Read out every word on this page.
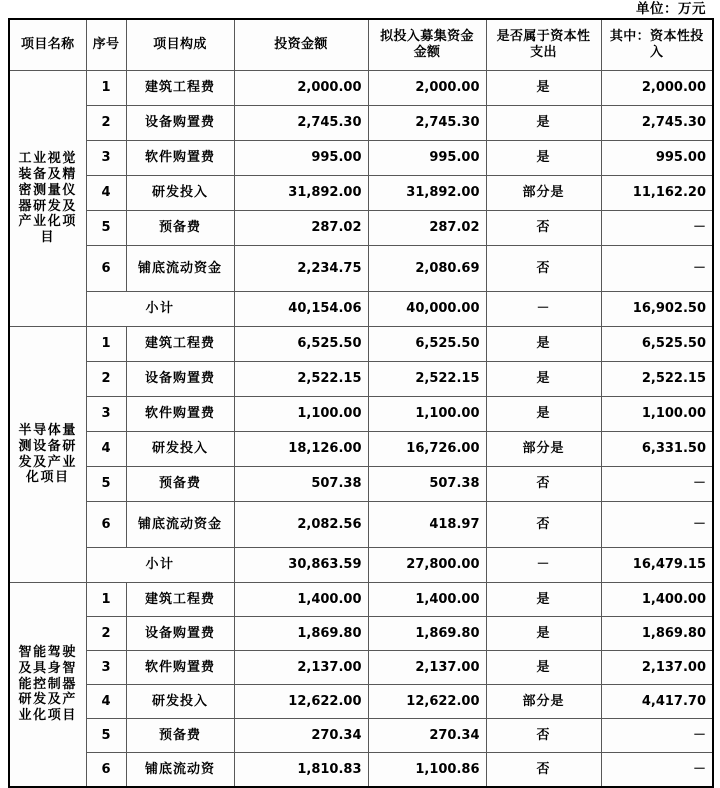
单位：万元
项目名称	序号	项目构成	投资金额	拟投入募集资金金额	是否属于资本性支出	其中：资本性投入
工业视觉装备及精密测量仪器研发及产业化项目	1	建筑工程费	2,000.00	2,000.00	是	2,000.00
	2	设备购置费	2,745.30	2,745.30	是	2,745.30
	3	软件购置费	995.00	995.00	是	995.00
	4	研发投入	31,892.00	31,892.00	部分是	11,162.20
	5	预备费	287.02	287.02	否	－
	6	铺底流动资金	2,234.75	2,080.69	否	－
	小计		40,154.06	40,000.00	－	16,902.50
半导体量测设备研发及产业化项目	1	建筑工程费	6,525.50	6,525.50	是	6,525.50
	2	设备购置费	2,522.15	2,522.15	是	2,522.15
	3	软件购置费	1,100.00	1,100.00	是	1,100.00
	4	研发投入	18,126.00	16,726.00	部分是	6,331.50
	5	预备费	507.38	507.38	否	－
	6	铺底流动资金	2,082.56	418.97	否	－
	小计		30,863.59	27,800.00	－	16,479.15
智能驾驶及具身智能控制器研发及产业化项目	1	建筑工程费	1,400.00	1,400.00	是	1,400.00
	2	设备购置费	1,869.80	1,869.80	是	1,869.80
	3	软件购置费	2,137.00	2,137.00	是	2,137.00
	4	研发投入	12,622.00	12,622.00	部分是	4,417.70
	5	预备费	270.34	270.34	否	－
	6	铺底流动资	1,810.83	1,100.86	否	－
